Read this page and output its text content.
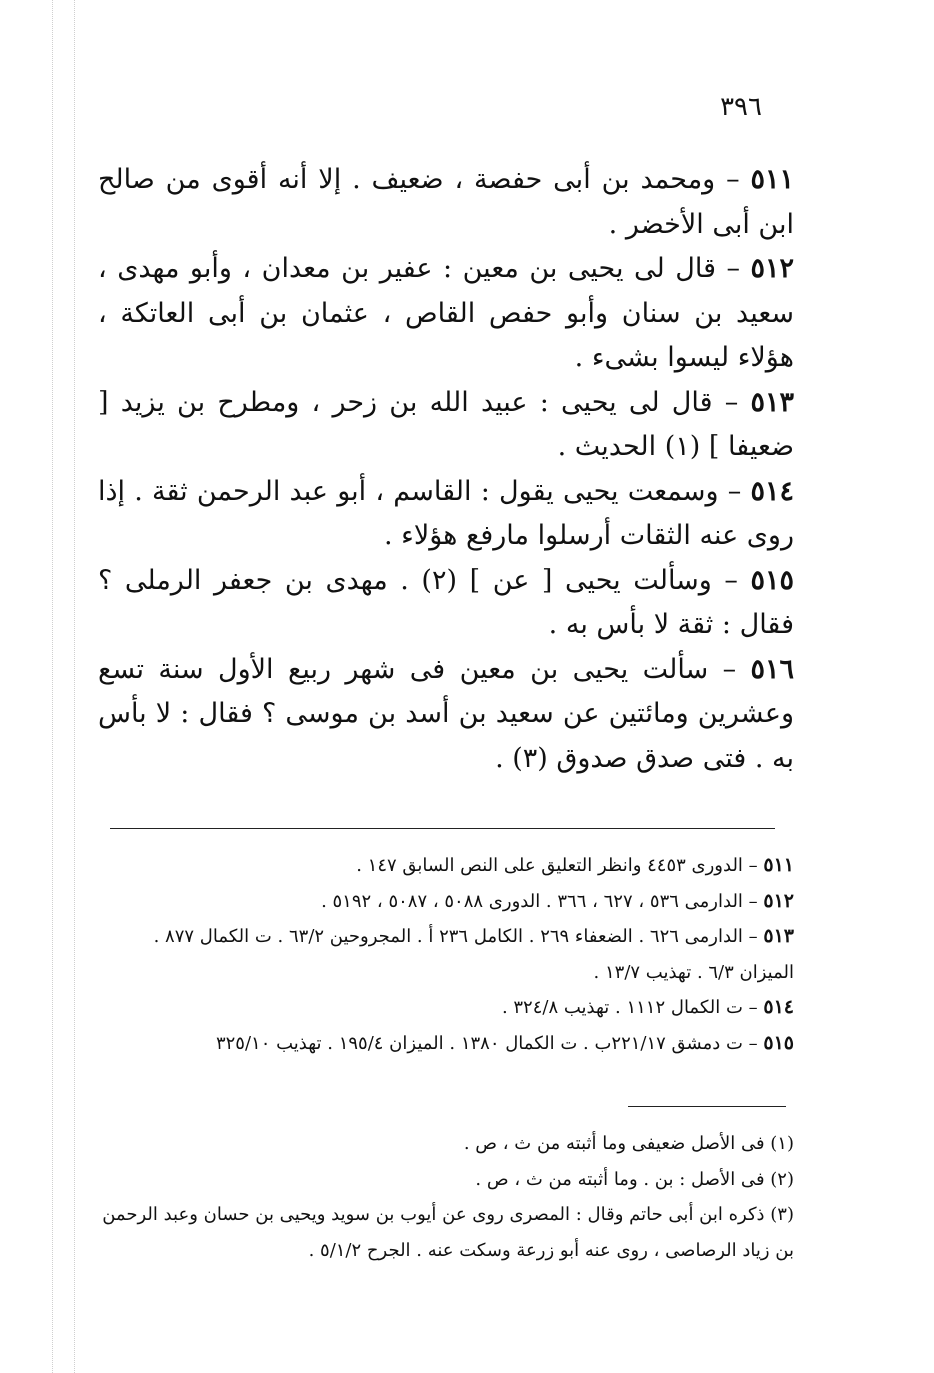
٣٩٦

٥١١ – ومحمد بن أبى حفصة ، ضعيف . إلا أنه أقوى من صالح ابن أبى الأخضر .

٥١٢ – قال لى يحيى بن معين : عفير بن معدان ، وأبو مهدى ، سعيد بن سنان وأبو حفص القاص ، عثمان بن أبى العاتكة ، هؤلاء ليسوا بشىء .

٥١٣ – قال لى يحيى : عبيد الله بن زحر ، ومطرح بن يزيد [ ضعيفا ] (١) الحديث .

٥١٤ – وسمعت يحيى يقول : القاسم ، أبو عبد الرحمن ثقة . إذا روى عنه الثقات أرسلوا مارفع هؤلاء .

٥١٥ – وسألت يحيى [ عن ] (٢) . مهدى بن جعفر الرملى ؟ فقال : ثقة لا بأس به .

٥١٦ – سألت يحيى بن معين فى شهر ربيع الأول سنة تسع وعشرين ومائتين عن سعيد بن أسد بن موسى ؟ فقال : لا بأس به . فتى صدق صدوق (٣) .

٥١١ – الدورى ٤٤٥٣ وانظر التعليق على النص السابق ١٤٧ .
٥١٢ – الدارمى ٥٣٦ ، ٦٢٧ ، ٣٦٦ . الدورى ٥٠٨٨ ، ٥٠٨٧ ، ٥١٩٢ .
٥١٣ – الدارمى ٦٢٦ . الضعفاء ٢٦٩ . الكامل ٢٣٦ أ . المجروحين ٦٣/٢ . ت الكمال ٨٧٧ . الميزان ٦/٣ . تهذيب ١٣/٧ .
٥١٤ – ت الكمال ١١١٢ . تهذيب ٣٢٤/٨ .
٥١٥ – ت دمشق ٢٢١/١٧ب . ت الكمال ١٣٨٠ . الميزان ١٩٥/٤ . تهذيب ٣٢٥/١٠
(١) فى الأصل ضعيفى وما أثبته من ث ، ص .
(٢) فى الأصل : بن . وما أثبته من ث ، ص .
(٣) ذكره ابن أبى حاتم وقال : المصرى روى عن أيوب بن سويد ويحيى بن حسان وعبد الرحمن بن زياد الرصاصى ، روى عنه أبو زرعة وسكت عنه . الجرح ٥/١/٢ .
